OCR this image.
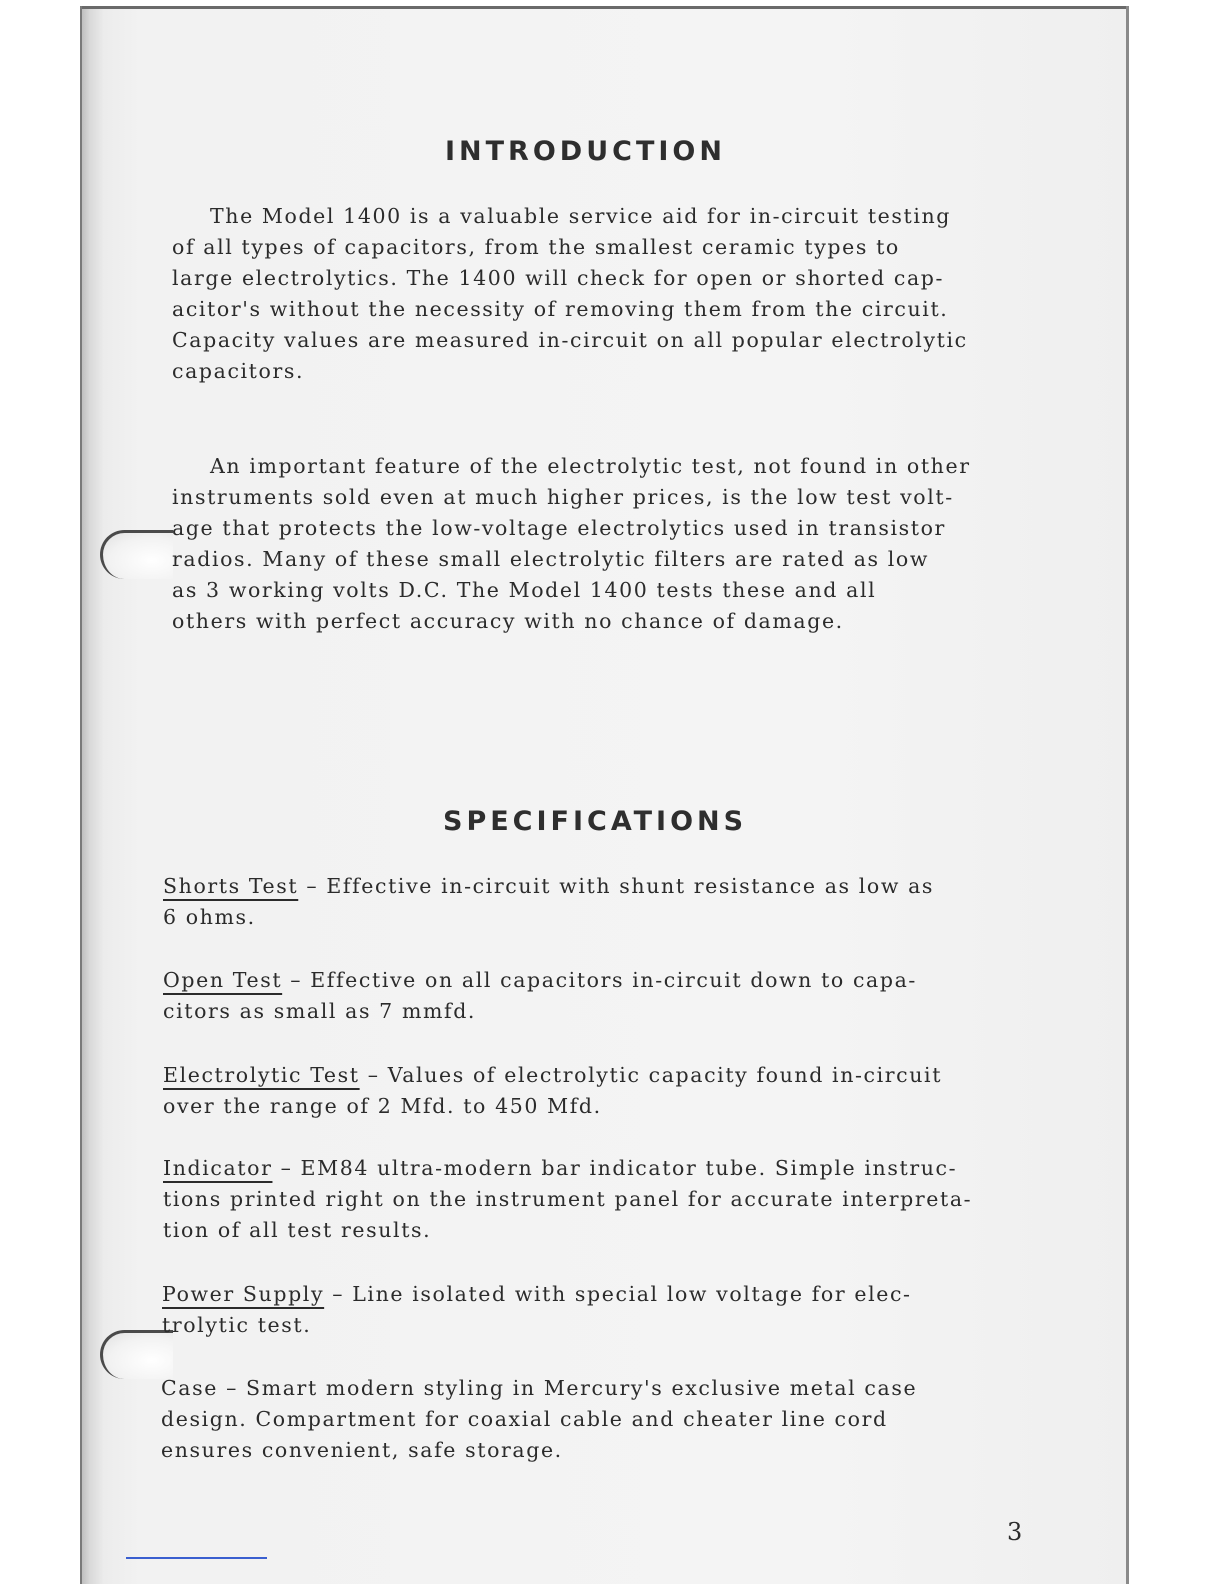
INTRODUCTION
The Model 1400 is a valuable service aid for in-circuit testing
of all types of capacitors, from the smallest ceramic types to
large electrolytics. The 1400 will check for open or shorted cap-
acitor's without the necessity of removing them from the circuit.
Capacity values are measured in-circuit on all popular electrolytic
capacitors.
An important feature of the electrolytic test, not found in other
instruments sold even at much higher prices, is the low test volt-
age that protects the low-voltage electrolytics used in transistor
radios. Many of these small electrolytic filters are rated as low
as 3 working volts D.C. The Model 1400 tests these and all
others with perfect accuracy with no chance of damage.
SPECIFICATIONS
Shorts Test – Effective in-circuit with shunt resistance as low as
6 ohms.
Open Test – Effective on all capacitors in-circuit down to capa-
citors as small as 7 mmfd.
Electrolytic Test – Values of electrolytic capacity found in-circuit
over the range of 2 Mfd. to 450 Mfd.
Indicator – EM84 ultra-modern bar indicator tube. Simple instruc-
tions printed right on the instrument panel for accurate interpreta-
tion of all test results.
Power Supply – Line isolated with special low voltage for elec-
trolytic test.
Case – Smart modern styling in Mercury's exclusive metal case
design. Compartment for coaxial cable and cheater line cord
ensures convenient, safe storage.
3
